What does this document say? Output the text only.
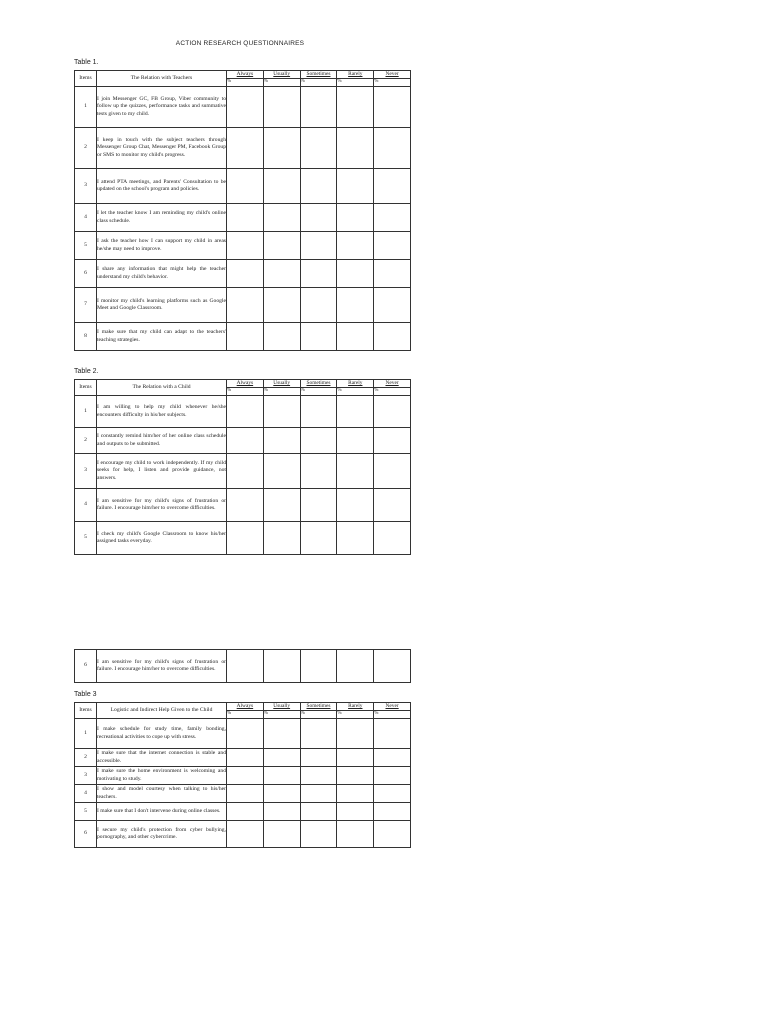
ACTION RESEARCH QUESTIONNAIRES
Table 1.
Items	The Relation with Teachers	Always	Usually	Sometimes	Rarely	Never
		%	%	%	%	%
1	I join Messenger GC, FB Group, Viber community to follow up the quizzes, performance tasks and summative tests given to my child.					
2	I keep in touch with the subject teachers through Messenger Group Chat, Messenger PM, Facebook Group or SMS to monitor my child's progress.					
3	I attend PTA meetings, and Parents' Consultation to be updated on the school's program and policies.					
4	I let the teacher know I am reminding my child's online class schedule.					
5	I ask the teacher how I can support my child in areas he/she may need to improve.					
6	I share any information that might help the teacher understand my child's behavior.					
7	I monitor my child's learning platforms such as Google Meet and Google Classroom.					
8	I make sure that my child can adapt to the teachers' teaching strategies.					
Table 2.
Items	The Relation with a Child	Always	Usually	Sometimes	Rarely	Never
		%	%	%	%	%
1	I am willing to help my child whenever he/she encounters difficulty in his/her subjects.					
2	I constantly remind him/her of her online class schedule and outputs to be submitted.					
3	I encourage my child to work independently. If my child seeks for help, I listen and provide guidance, not answers.					
4	I am sensitive for my child's signs of frustration or failure. I encourage him/her to overcome difficulties.					
5	I check my child's Google Classroom to know his/her assigned tasks everyday.					
6	I am sensitive for my child's signs of frustration or failure. I encourage him/her to overcome difficulties.					
Table 3
Items	Logistic and Indirect Help Given to the Child	Always	Usually	Sometimes	Rarely	Never
		%	%	%	%	%
1	I make schedule for study time, family bonding, recreational activities to cope up with stress.					
2	I make sure that the internet connection is stable and accessible.					
3	I make sure the home environment is welcoming and motivating to study.					
4	I show and model courtesy when talking to his/her teachers.					
5	I make sure that I don't intervene during online classes.					
6	I secure my child's protection from cyber bullying, pornography, and other cybercrime.					
